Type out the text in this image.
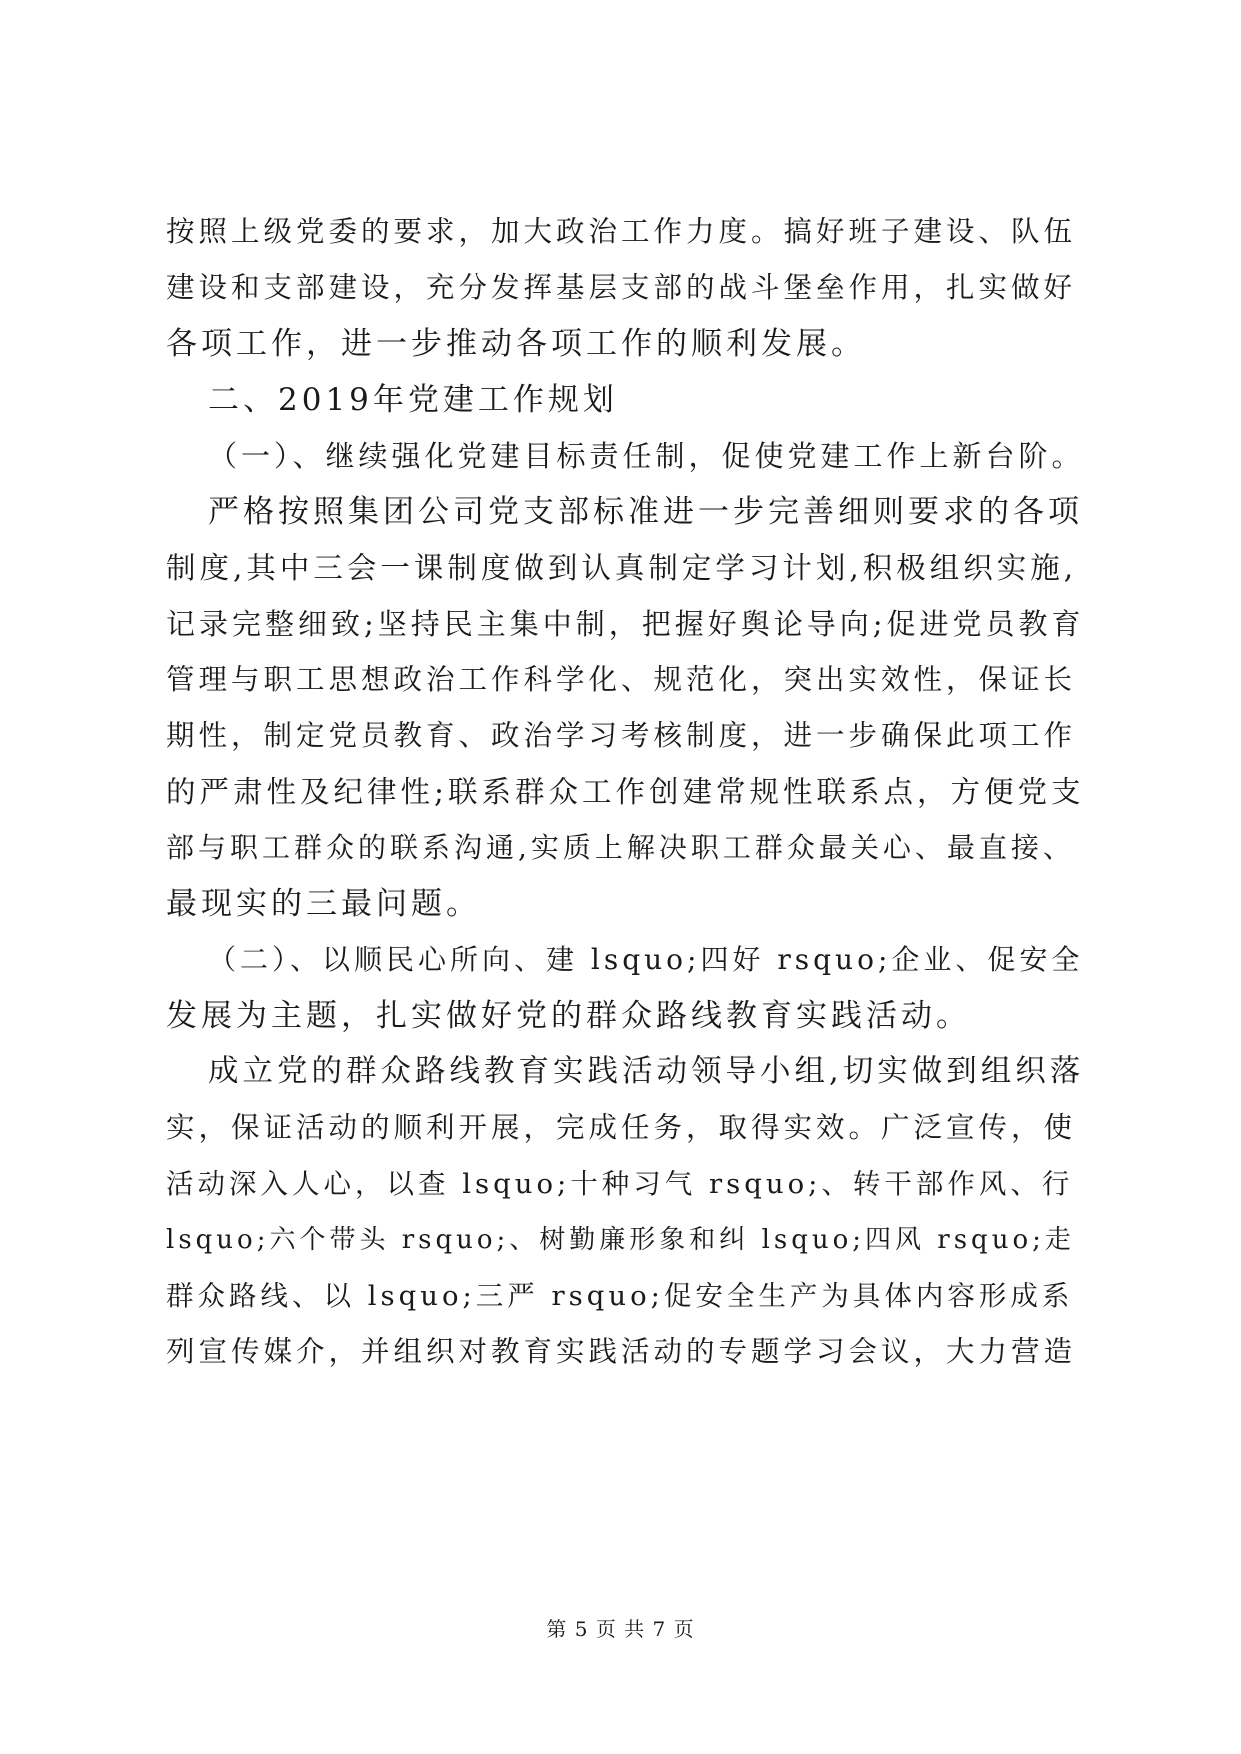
按照上级党委的要求，加大政治工作力度。搞好班子建设、队伍
建设和支部建设，充分发挥基层支部的战斗堡垒作用，扎实做好
各项工作，进一步推动各项工作的顺利发展。
二、2019年党建工作规划
（一）、继续强化党建目标责任制，促使党建工作上新台阶。
严格按照集团公司党支部标准进一步完善细则要求的各项
制度,其中三会一课制度做到认真制定学习计划,积极组织实施,
记录完整细致;坚持民主集中制，把握好舆论导向;促进党员教育
管理与职工思想政治工作科学化、规范化，突出实效性，保证长
期性，制定党员教育、政治学习考核制度，进一步确保此项工作
的严肃性及纪律性;联系群众工作创建常规性联系点，方便党支
部与职工群众的联系沟通,实质上解决职工群众最关心、最直接、
最现实的三最问题。
（二）、以顺民心所向、建 lsquo;四好 rsquo;企业、促安全
发展为主题，扎实做好党的群众路线教育实践活动。
成立党的群众路线教育实践活动领导小组,切实做到组织落
实，保证活动的顺利开展，完成任务，取得实效。广泛宣传，使
活动深入人心，以查 lsquo;十种习气 rsquo;、转干部作风、行
lsquo;六个带头 rsquo;、树勤廉形象和纠 lsquo;四风 rsquo;走
群众路线、以 lsquo;三严 rsquo;促安全生产为具体内容形成系
列宣传媒介，并组织对教育实践活动的专题学习会议，大力营造
第 5 页 共 7 页
